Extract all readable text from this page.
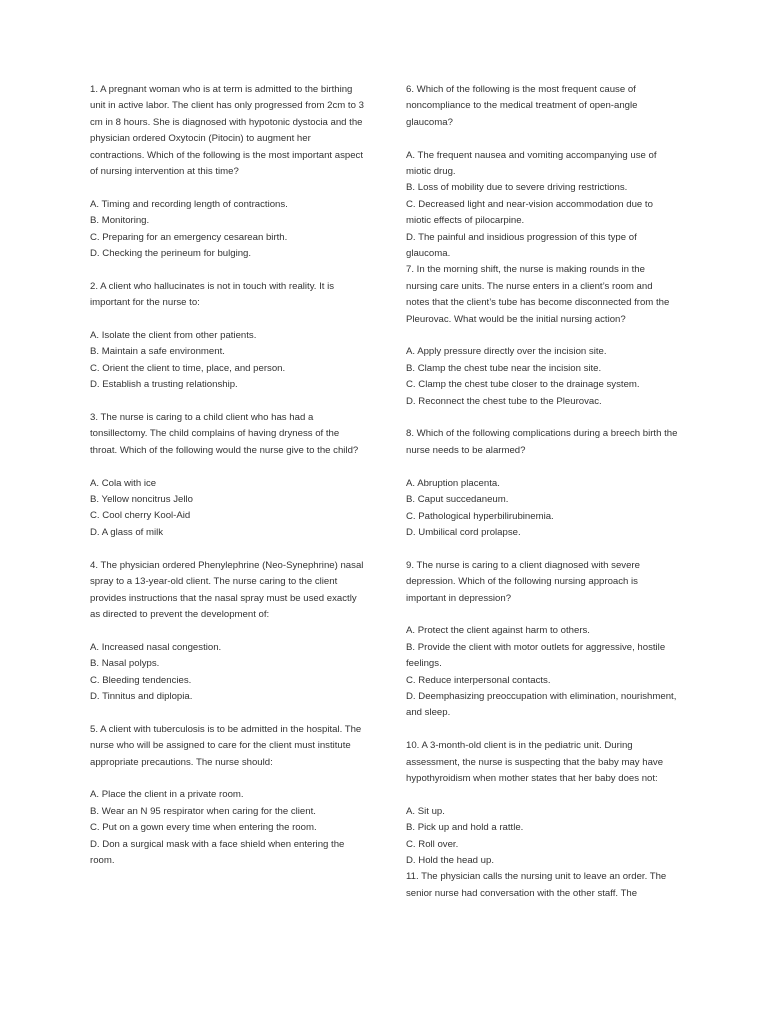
1. A pregnant woman who is at term is admitted to the birthing unit in active labor. The client has only progressed from 2cm to 3 cm in 8 hours. She is diagnosed with hypotonic dystocia and the physician ordered Oxytocin (Pitocin) to augment her contractions. Which of the following is the most important aspect of nursing intervention at this time?

A. Timing and recording length of contractions.

B. Monitoring.

C. Preparing for an emergency cesarean birth.

D. Checking the perineum for bulging.

2. A client who hallucinates is not in touch with reality. It is important for the nurse to:

A. Isolate the client from other patients.

B. Maintain a safe environment.

C. Orient the client to time, place, and person.

D. Establish a trusting relationship.

3. The nurse is caring to a child client who has had a tonsillectomy. The child complains of having dryness of the throat. Which of the following would the nurse give to the child?

A. Cola with ice

B. Yellow noncitrus Jello

C. Cool cherry Kool-Aid

D. A glass of milk

4. The physician ordered Phenylephrine (Neo-Synephrine) nasal spray to a 13-year-old client. The nurse caring to the client provides instructions that the nasal spray must be used exactly as directed to prevent the development of:

A. Increased nasal congestion.

B. Nasal polyps.

C. Bleeding tendencies.

D. Tinnitus and diplopia.

5. A client with tuberculosis is to be admitted in the hospital. The nurse who will be assigned to care for the client must institute appropriate precautions. The nurse should:

A. Place the client in a private room.

B. Wear an N 95 respirator when caring for the client.

C. Put on a gown every time when entering the room.

D. Don a surgical mask with a face shield when entering the room.

6. Which of the following is the most frequent cause of noncompliance to the medical treatment of open-angle glaucoma?

A. The frequent nausea and vomiting accompanying use of miotic drug.

B. Loss of mobility due to severe driving restrictions.

C. Decreased light and near-vision accommodation due to miotic effects of pilocarpine.

D. The painful and insidious progression of this type of glaucoma.

7. In the morning shift, the nurse is making rounds in the nursing care units. The nurse enters in a client’s room and notes that the client’s tube has become disconnected from the Pleurovac. What would be the initial nursing action?

A. Apply pressure directly over the incision site.

B. Clamp the chest tube near the incision site.

C. Clamp the chest tube closer to the drainage system.

D. Reconnect the chest tube to the Pleurovac.

8. Which of the following complications during a breech birth the nurse needs to be alarmed?

A. Abruption placenta.

B. Caput succedaneum.

C. Pathological hyperbilirubinemia.

D. Umbilical cord prolapse.

9. The nurse is caring to a client diagnosed with severe depression. Which of the following nursing approach is important in depression?

A. Protect the client against harm to others.

B. Provide the client with motor outlets for aggressive, hostile feelings.

C. Reduce interpersonal contacts.

D. Deemphasizing preoccupation with elimination, nourishment, and sleep.

10. A 3-month-old client is in the pediatric unit. During assessment, the nurse is suspecting that the baby may have hypothyroidism when mother states that her baby does not:

A. Sit up.

B. Pick up and hold a rattle.

C. Roll over.

D. Hold the head up.

11. The physician calls the nursing unit to leave an order. The senior nurse had conversation with the other staff. The
